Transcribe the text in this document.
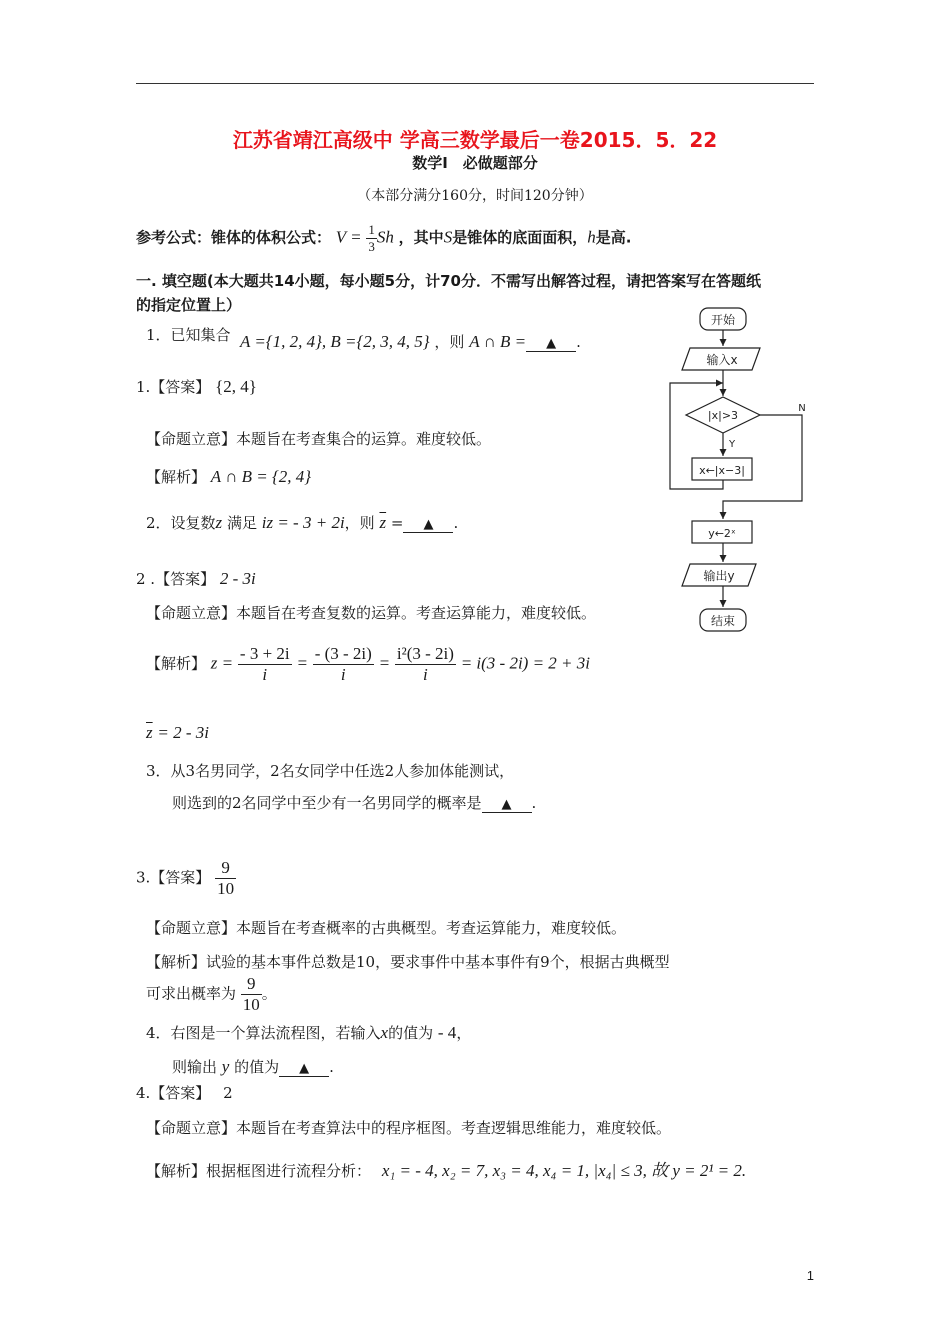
江苏省靖江高级中 学高三数学最后一卷2015．5．22
数学Ⅰ　必做题部分
（本部分满分160分，时间120分钟）
参考公式：锥体的体积公式： $V = \frac{1}{3}$ Sh ，其中S是锥体的底面面积，h是高.
一. 填空题(本大题共14小题，每小题5分，计70分．不需写出解答过程，请把答案写在答题纸
的指定位置上）
1．已知集合 A ={1, 2, 4}, B ={2, 3, 4, 5} ，则 A ∩ B = ▲ .
1.【答案】 {2, 4}
【命题立意】本题旨在考查集合的运算。难度较低。
【解析】 A ∩ B = {2, 4}
2．设复数z 满足 iz = - 3 + 2i，则 $\overline{z}$ = ▲ .
2 .【答案】 2 - 3i
【命题立意】本题旨在考查复数的运算。考查运算能力，难度较低。
【解析】 $z = \frac{- 3 + 2i}{i} = \frac{- (3 - 2i)}{i} = \frac{\text{i²(3 - 2i)}}{i} = i(3 - 2i) = 2 + 3i$
$\overline{z} = 2 - 3i$
3．从3名男同学，2名女同学中任选2人参加体能测试，
则选到的2名同学中至少有一名男同学的概率是 ▲ .
3.【答案】 $\frac{9}{10}$
【命题立意】本题旨在考查概率的古典概型。考查运算能力，难度较低。
【解析】试验的基本事件总数是10，要求事件中基本事件有9个，根据古典概型
可求出概率为 $\frac{9}{10}$ 。
4．右图是一个算法流程图，若输入x的值为 - 4，
则输出 y 的值为 ▲ .
4.【答案】 2
【命题立意】本题旨在考查算法中的程序框图。考查逻辑思维能力，难度较低。
【解析】根据框图进行流程分析： x₁ = - 4, x₂ = 7, x₃ = 4, x₄ = 1, |x₄| ≤ 3, 故 y = 2¹ = 2.
开始
输入x
|x|>3
N
Y
x←|x−3|
y←2ˣ
输出y
结束
1
